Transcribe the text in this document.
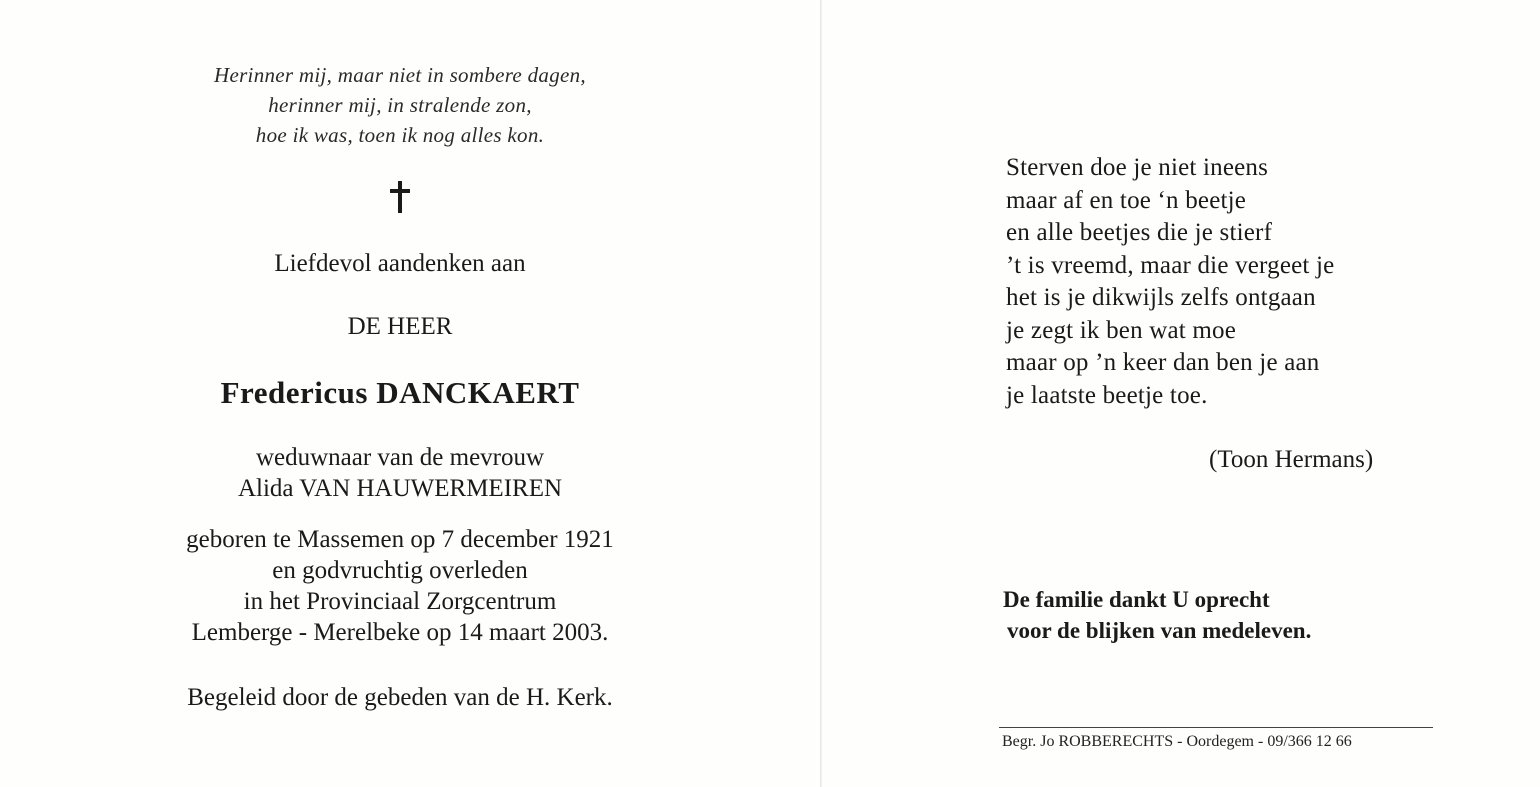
Herinner mij, maar niet in sombere dagen,

herinner mij, in stralende zon,

hoe ik was, toen ik nog alles kon.

Liefdevol aandenken aan
DE HEER
Fredericus DANCKAERT

weduwnaar van de mevrouw

Alida VAN HAUWERMEIREN

geboren te Massemen op 7 december 1921

en godvruchtig overleden

in het Provinciaal Zorgcentrum

Lemberge - Merelbeke op 14 maart 2003.

Begeleid door de gebeden van de H. Kerk.

Sterven doe je niet ineens

maar af en toe ‘n beetje

en alle beetjes die je stierf

’t is vreemd, maar die vergeet je

het is je dikwijls zelfs ontgaan

je zegt ik ben wat moe

maar op ’n keer dan ben je aan

je laatste beetje toe.

(Toon Hermans)

De familie dankt U oprecht

voor de blijken van medeleven.

Begr. Jo ROBBERECHTS - Oordegem - 09/366 12 66
